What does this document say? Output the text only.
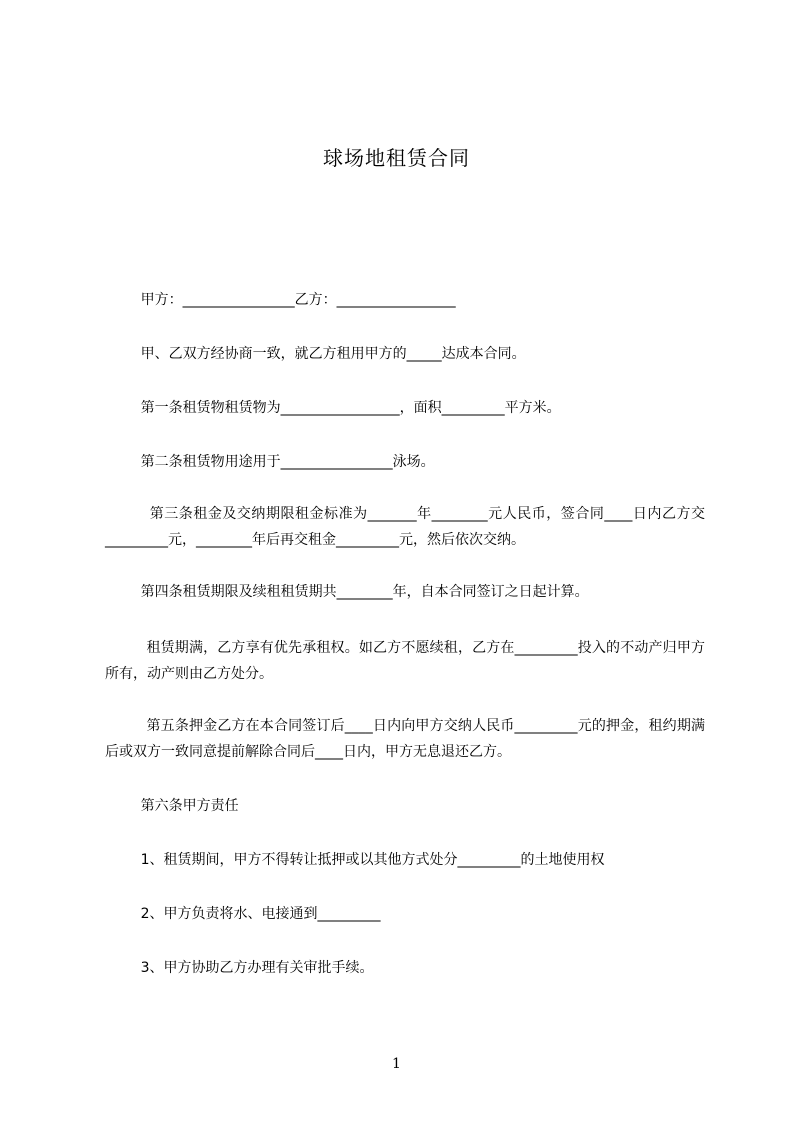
球场地租赁合同

甲方：________________乙方：_________________

甲、乙双方经协商一致，就乙方租用甲方的_____达成本合同。

第一条租赁物租赁物为_________________，面积_________平方米。

第二条租赁物用途用于________________泳场。

第三条租金及交纳期限租金标准为_______年________元人民币，签合同____日内乙方交_________元，________年后再交租金_________元，然后依次交纳。

第四条租赁期限及续租租赁期共________年，自本合同签订之日起计算。

租赁期满，乙方享有优先承租权。如乙方不愿续租，乙方在_________投入的不动产归甲方所有，动产则由乙方处分。

第五条押金乙方在本合同签订后____日内向甲方交纳人民币_________元的押金，租约期满后或双方一致同意提前解除合同后____日内，甲方无息退还乙方。

第六条甲方责任

1、租赁期间，甲方不得转让抵押或以其他方式处分_________的土地使用权

2、甲方负责将水、电接通到_________

3、甲方协助乙方办理有关审批手续。

1
